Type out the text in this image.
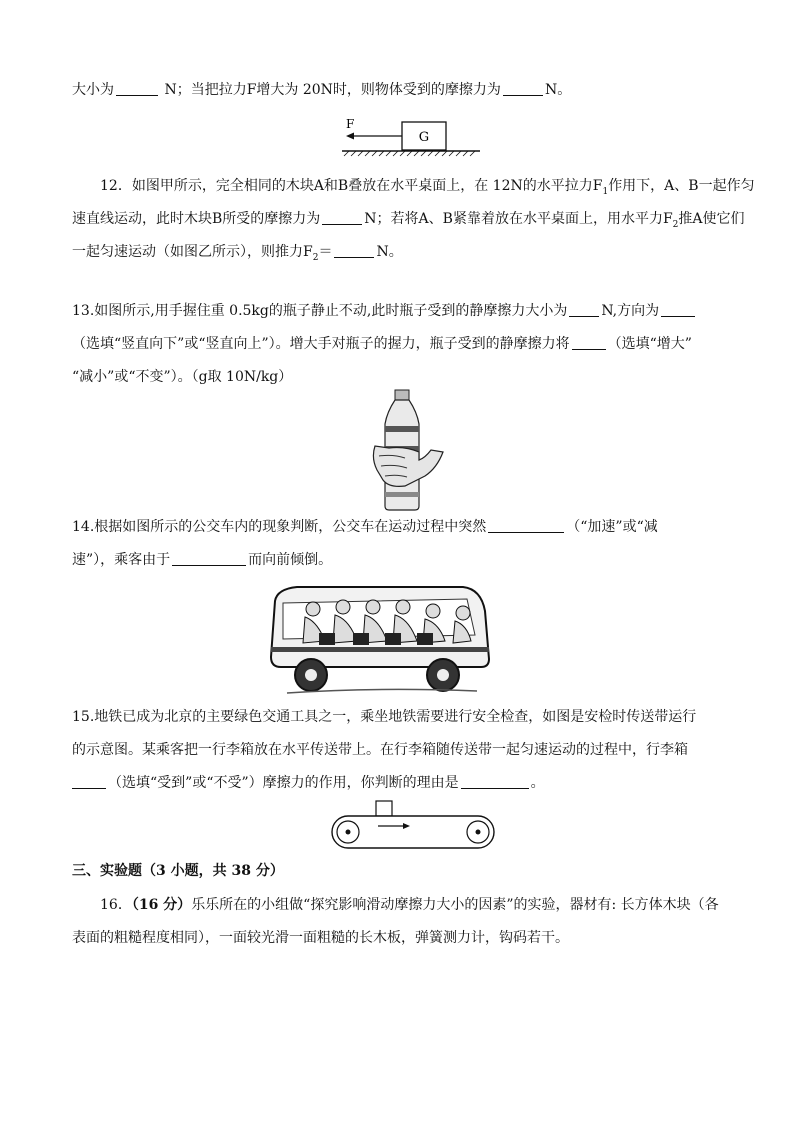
大小为	N；当把拉力F增大为 20N时，则物体受到的摩擦力为	N。
F
G
12．如图甲所示，完全相同的木块A和B叠放在水平桌面上，在 12N的水平拉力$F_1$作用下，A、B一起作匀
速直线运动，此时木块B所受的摩擦力为	N；若将A、B紧靠着放在水平桌面上，用水平力$F_2$推A使它们
一起匀速运动（如图乙所示），则推力$F_2=$	N。
13.如图所示,用手握住重 0.5kg的瓶子静止不动,此时瓶子受到的静摩擦力大小为 N,方向为
（选填“竖直向下”或“竖直向上”）。增大手对瓶子的握力，瓶子受到的静摩擦力将	（选填“增大”
“减小”或“不变”）。（g取 10N/kg）
14.根据如图所示的公交车内的现象判断，公交车在运动过程中突然	（“加速”或“减
速”），乘客由于	而向前倾倒。
15.地铁已成为北京的主要绿色交通工具之一，乘坐地铁需要进行安全检查，如图是安检时传送带运行
的示意图。某乘客把一行李箱放在水平传送带上。在行李箱随传送带一起匀速运动的过程中，行李箱
（选填“受到”或“不受”）摩擦力的作用，你判断的理由是	。
三、实验题（3 小题，共 38 分）
16．（16 分）乐乐所在的小组做“探究影响滑动摩擦力大小的因素”的实验，器材有: 长方体木块（各
表面的粗糙程度相同），一面较光滑一面粗糙的长木板，弹簧测力计，钩码若干。
